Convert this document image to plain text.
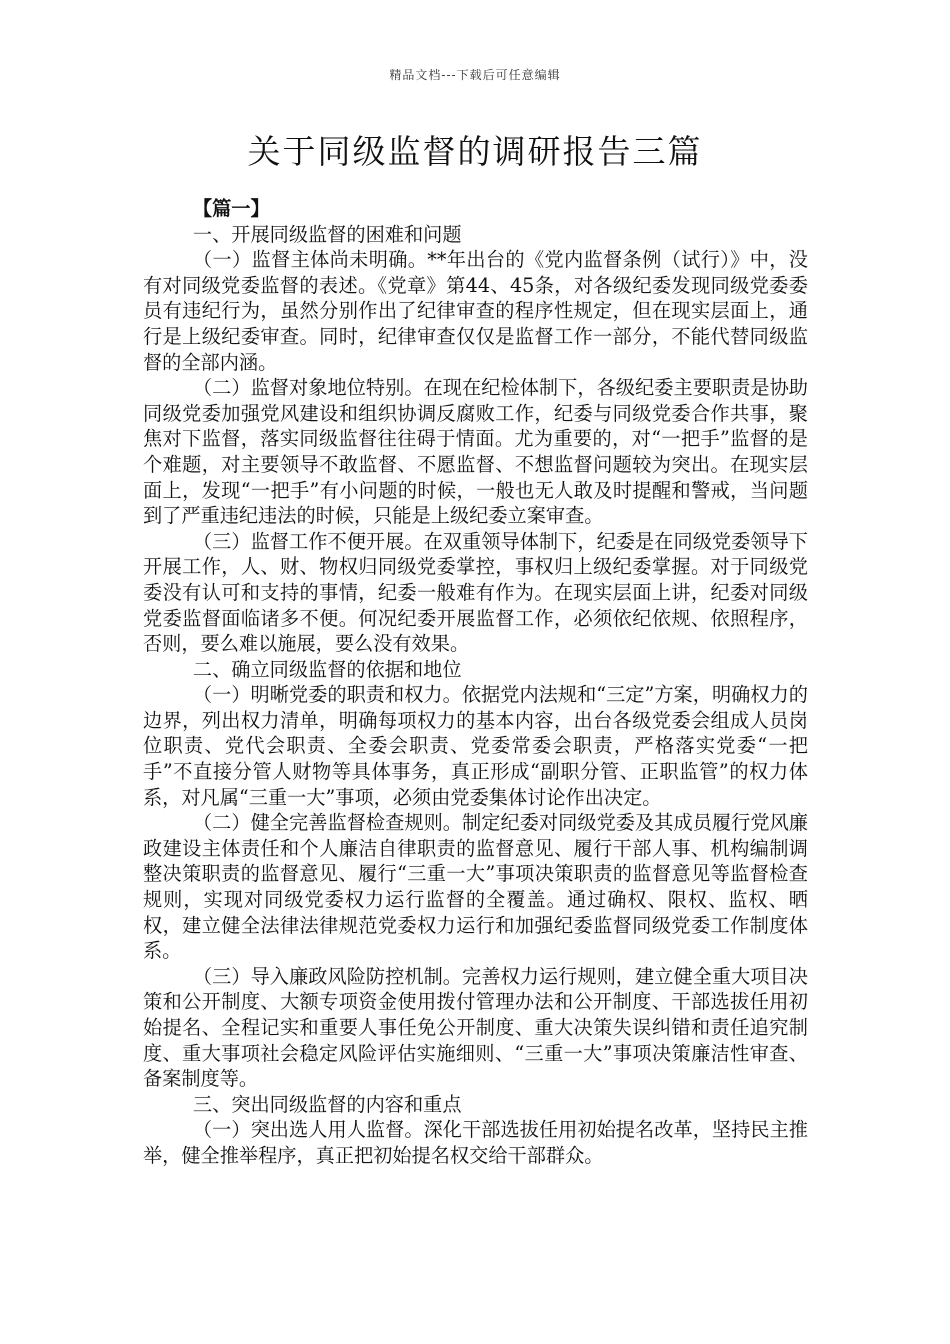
精品文档---下载后可任意编辑
关于同级监督的调研报告三篇

【篇一】

一、开展同级监督的困难和问题

（一）监督主体尚未明确。**年出台的《党内监督条例（试行）》中，没有对同级党委监督的表述。《党章》第44、45条，对各级纪委发现同级党委委员有违纪行为，虽然分别作出了纪律审查的程序性规定，但在现实层面上，通行是上级纪委审查。同时，纪律审查仅仅是监督工作一部分，不能代替同级监督的全部内涵。

（二）监督对象地位特别。在现在纪检体制下，各级纪委主要职责是协助同级党委加强党风建设和组织协调反腐败工作，纪委与同级党委合作共事，聚焦对下监督，落实同级监督往往碍于情面。尤为重要的，对“一把手”监督的是个难题，对主要领导不敢监督、不愿监督、不想监督问题较为突出。在现实层面上，发现“一把手”有小问题的时候，一般也无人敢及时提醒和警戒，当问题到了严重违纪违法的时候，只能是上级纪委立案审查。

（三）监督工作不便开展。在双重领导体制下，纪委是在同级党委领导下开展工作，人、财、物权归同级党委掌控，事权归上级纪委掌握。对于同级党委没有认可和支持的事情，纪委一般难有作为。在现实层面上讲，纪委对同级党委监督面临诸多不便。何况纪委开展监督工作，必须依纪依规、依照程序，否则，要么难以施展，要么没有效果。

二、确立同级监督的依据和地位

（一）明晰党委的职责和权力。依据党内法规和“三定”方案，明确权力的边界，列出权力清单，明确每项权力的基本内容，出台各级党委会组成人员岗位职责、党代会职责、全委会职责、党委常委会职责，严格落实党委“一把手”不直接分管人财物等具体事务，真正形成“副职分管、正职监管”的权力体系，对凡属“三重一大”事项，必须由党委集体讨论作出决定。

（二）健全完善监督检查规则。制定纪委对同级党委及其成员履行党风廉政建设主体责任和个人廉洁自律职责的监督意见、履行干部人事、机构编制调整决策职责的监督意见、履行“三重一大”事项决策职责的监督意见等监督检查规则，实现对同级党委权力运行监督的全覆盖。通过确权、限权、监权、晒权，建立健全法律法律规范党委权力运行和加强纪委监督同级党委工作制度体系。

（三）导入廉政风险防控机制。完善权力运行规则，建立健全重大项目决策和公开制度、大额专项资金使用拨付管理办法和公开制度、干部选拔任用初始提名、全程记实和重要人事任免公开制度、重大决策失误纠错和责任追究制度、重大事项社会稳定风险评估实施细则、“三重一大”事项决策廉洁性审查、备案制度等。

三、突出同级监督的内容和重点

（一）突出选人用人监督。深化干部选拔任用初始提名改革，坚持民主推举，健全推举程序，真正把初始提名权交给干部群众。
